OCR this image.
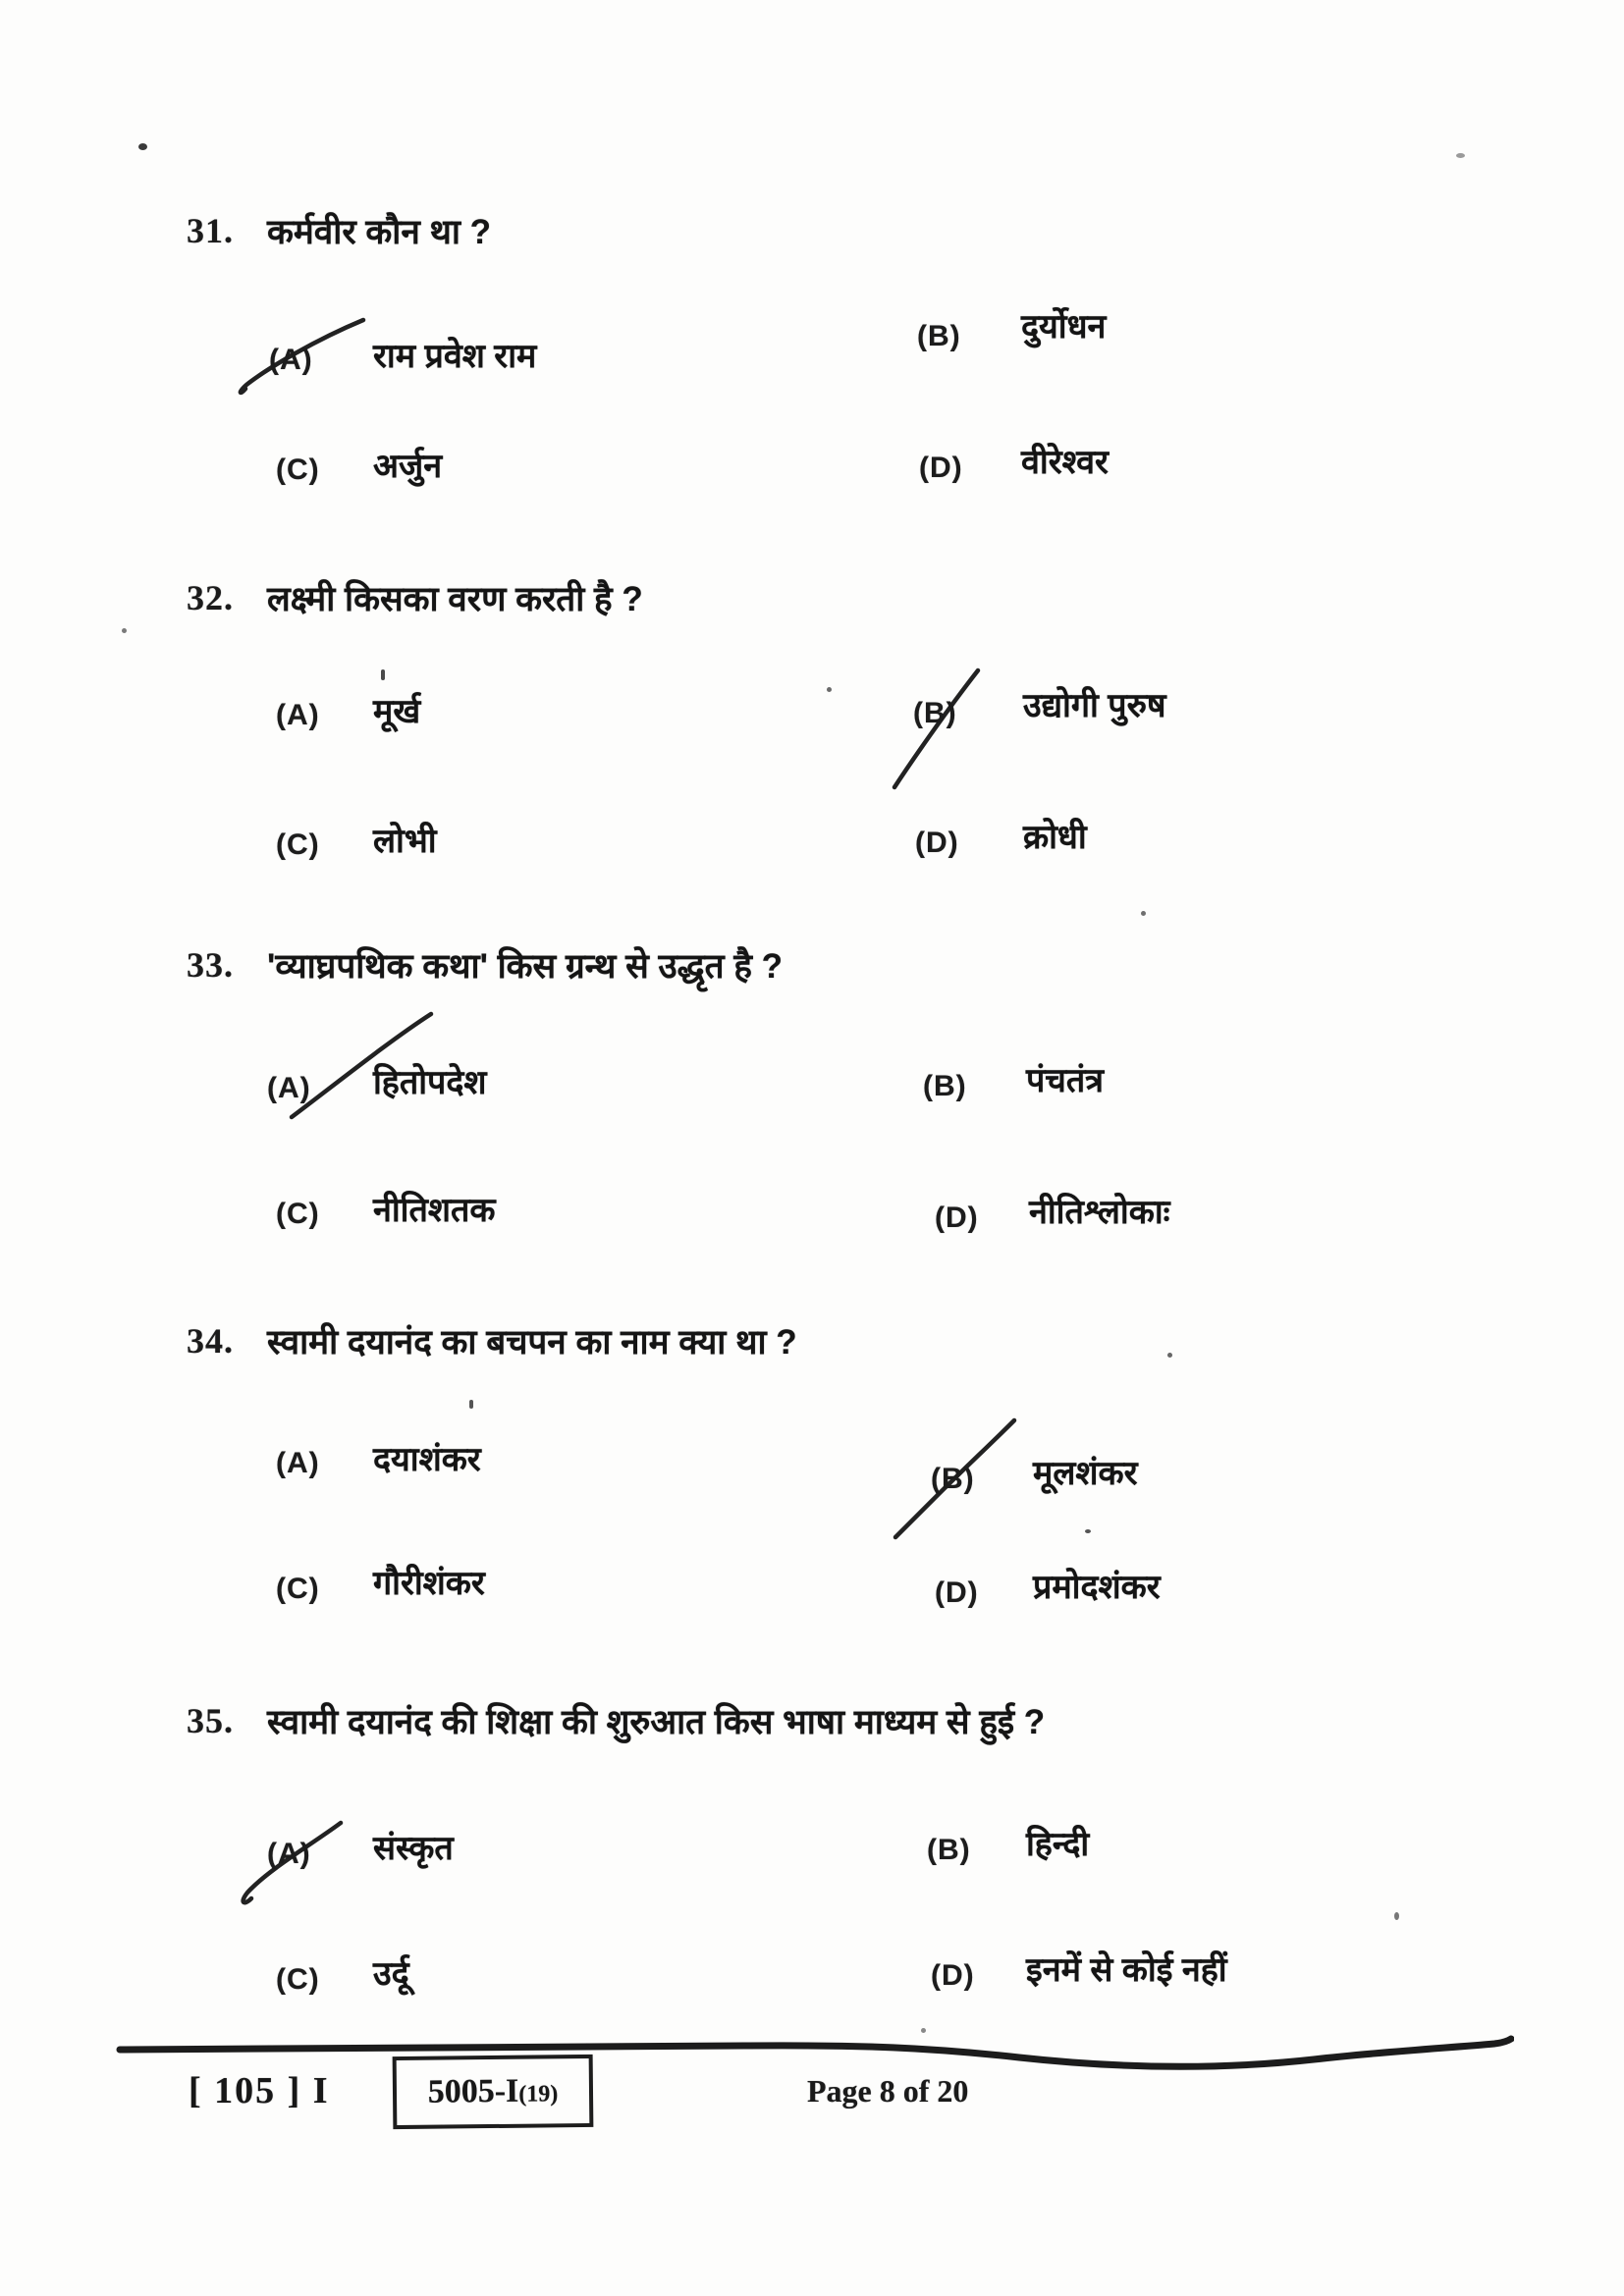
31. कर्मवीर कौन था ?
(A) राम प्रवेश राम
(B) दुर्योधन
(C) अर्जुन	(D) वीरेश्वर
32. लक्ष्मी किसका वरण करती है ?
(A) मूर्ख	(B) उद्योगी पुरुष
(C) लोभी	(D) क्रोधी
33. 'व्याघ्रपथिक कथा' किस ग्रन्थ से उद्धृत है ?
(A) हितोपदेश	(B) पंचतंत्र
(C) नीतिशतक	(D) नीतिश्लोकाः
34. स्वामी दयानंद का बचपन का नाम क्या था ?
(A) दयाशंकर
(B) मूलशंकर
(C) गौरीशंकर	(D) प्रमोदशंकर
35. स्वामी दयानंद की शिक्षा की शुरुआत किस भाषा माध्यम से हुई ?
(A) संस्कृत	(B) हिन्दी
(C) उर्दू	(D) इनमें से कोई नहीं
[ 105 ] I	5005-I(19)	Page 8 of 20
